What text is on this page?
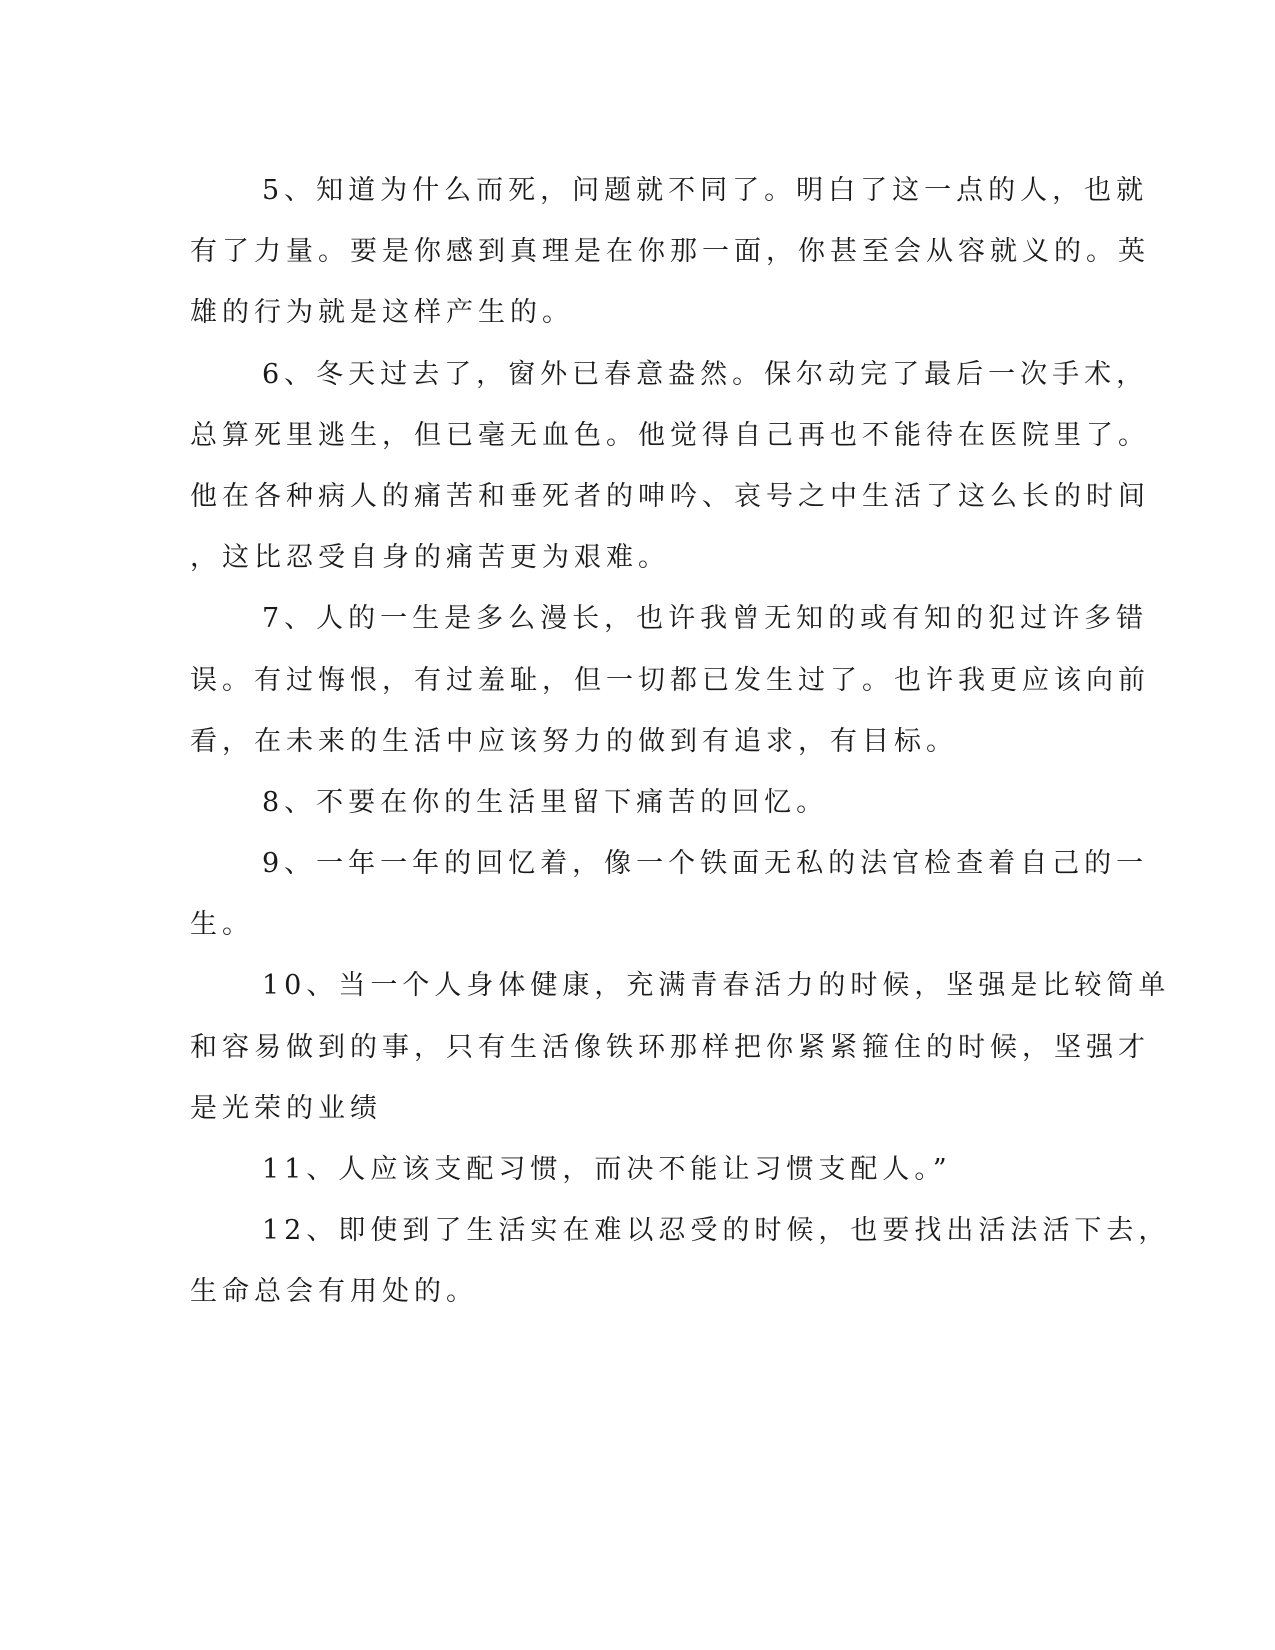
5、知道为什么而死，问题就不同了。明白了这一点的人，也就
有了力量。要是你感到真理是在你那一面，你甚至会从容就义的。英
雄的行为就是这样产生的。
6、冬天过去了，窗外已春意盎然。保尔动完了最后一次手术，
总算死里逃生，但已毫无血色。他觉得自己再也不能待在医院里了。
他在各种病人的痛苦和垂死者的呻吟、哀号之中生活了这么长的时间
，这比忍受自身的痛苦更为艰难。
7、人的一生是多么漫长，也许我曾无知的或有知的犯过许多错
误。有过悔恨，有过羞耻，但一切都已发生过了。也许我更应该向前
看，在未来的生活中应该努力的做到有追求，有目标。
8、不要在你的生活里留下痛苦的回忆。
9、一年一年的回忆着，像一个铁面无私的法官检查着自己的一
生。
10、当一个人身体健康，充满青春活力的时候，坚强是比较简单
和容易做到的事，只有生活像铁环那样把你紧紧箍住的时候，坚强才
是光荣的业绩
11、人应该支配习惯，而决不能让习惯支配人。”
12、即使到了生活实在难以忍受的时候，也要找出活法活下去，
生命总会有用处的。
